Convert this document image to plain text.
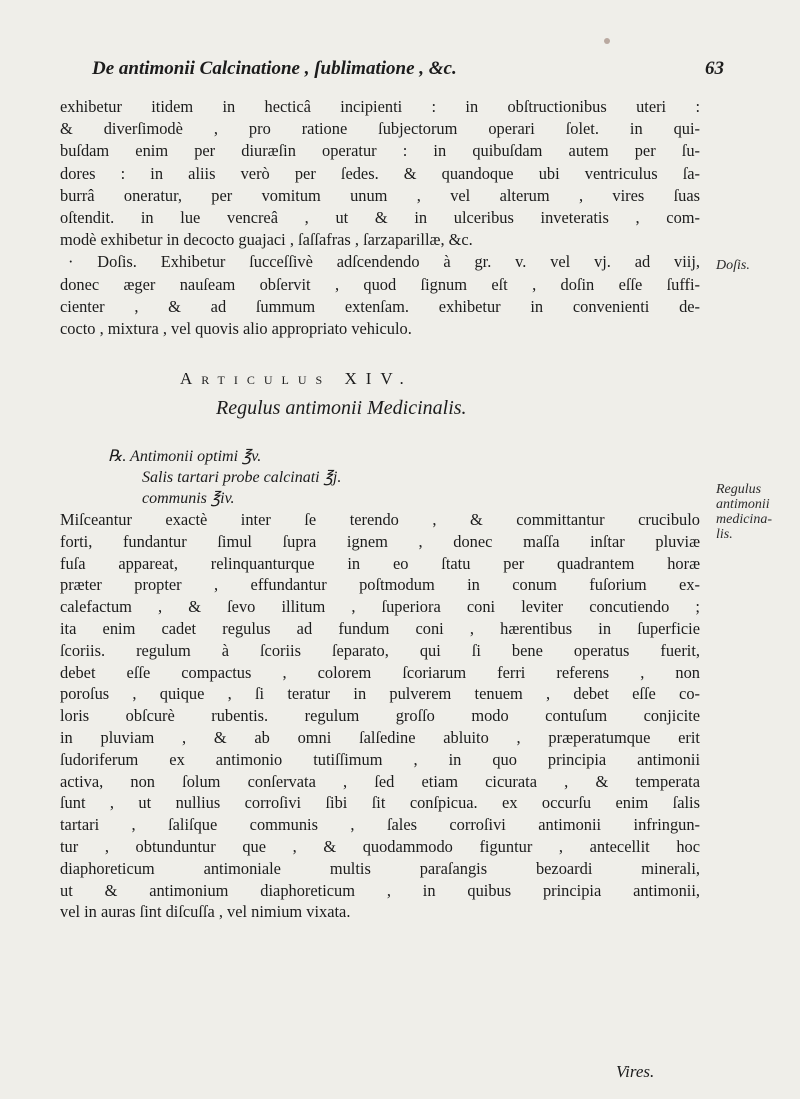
De antimonii Calcinatione , ſublimatione , &c.	63
exhibetur itidem in hecticâ incipienti : in obſtructionibus uteri :
& diverſimodè , pro ratione ſubjectorum operari ſolet. in qui-
buſdam enim per diuræſin operatur : in quibuſdam autem per ſu-
dores : in aliis verò per ſedes. & quandoque ubi ventriculus ſa-
burrâ oneratur, per vomitum unum , vel alterum , vires ſuas
oſtendit. in lue vencreâ , ut & in ulceribus inveteratis , com-
modè exhibetur in decocto guajaci , ſaſſafras , ſarzaparillæ, &c.
· Doſis. Exhibetur ſucceſſivè adſcendendo à gr. v. vel vj. ad viij,
donec æger nauſeam obſervit , quod ſignum eſt , doſin eſſe ſuffi-
cienter , & ad ſummum extenſam. exhibetur in convenienti de-
cocto , mixtura , vel quovis alio appropriato vehiculo.
Doſis.
Articulus XIV.
Regulus antimonii Medicinalis.
℞. Antimonii optimi ℥v.
Salis tartari probe calcinati ℥j.
communis ℥iv.
Regulus
antimonii
medicina-
lis.
Miſceantur exactè inter ſe terendo , & committantur crucibulo
forti, fundantur ſimul ſupra ignem , donec maſſa inſtar pluviæ
fuſa appareat, relinquanturque in eo ſtatu per quadrantem horæ
præter propter , effundantur poſtmodum in conum fuſorium ex-
calefactum , & ſevo illitum , ſuperiora coni leviter concutiendo ;
ita enim cadet regulus ad fundum coni , hærentibus in ſuperficie
ſcoriis. regulum à ſcoriis ſeparato, qui ſi bene operatus fuerit,
debet eſſe compactus , colorem ſcoriarum ferri referens , non
poroſus , quique , ſi teratur in pulverem tenuem , debet eſſe co-
loris obſcurè rubentis. regulum groſſo modo contuſum conjicite
in pluviam , & ab omni ſalſedine abluito , præperatumque erit
ſudoriferum ex antimonio tutiſſimum , in quo principia antimonii
activa, non ſolum conſervata , ſed etiam cicurata , & temperata
ſunt , ut nullius corroſivi ſibi ſit conſpicua. ex occurſu enim ſalis
tartari , ſaliſque communis , ſales corroſivi antimonii infringun-
tur , obtunduntur que , & quodammodo figuntur , antecellit hoc
diaphoreticum antimoniale multis paraſangis bezoardi minerali,
ut & antimonium diaphoreticum , in quibus principia antimonii,
vel in auras ſint diſcuſſa , vel nimium vixata.
Vires.
